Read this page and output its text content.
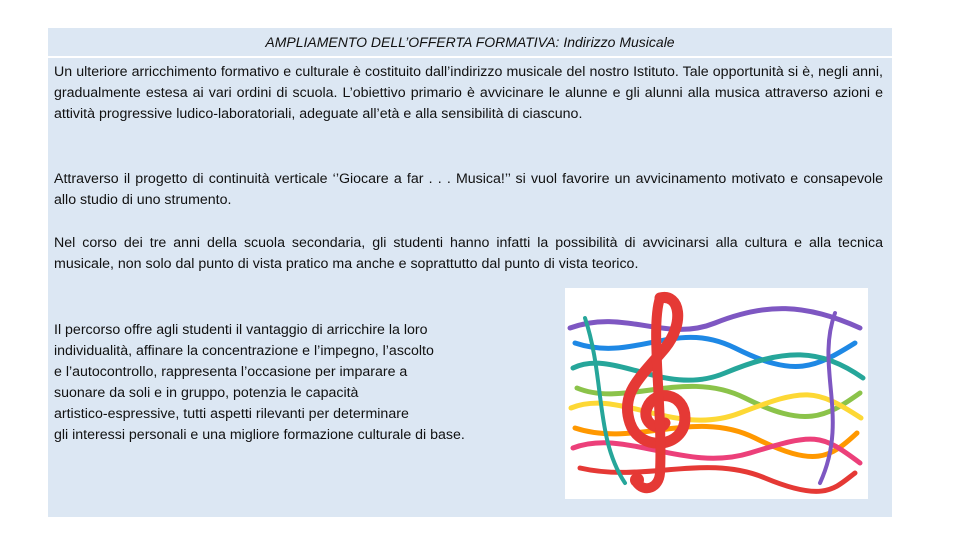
AMPLIAMENTO DELL’OFFERTA FORMATIVA: Indirizzo Musicale

Un ulteriore arricchimento formativo e culturale è costituito dall’indirizzo musicale del nostro Istituto. Tale opportunità si è, negli anni, gradualmente estesa ai vari ordini di scuola. L’obiettivo primario è avvicinare le alunne e gli alunni alla musica attraverso azioni e attività progressive ludico-laboratoriali, adeguate all’età e alla sensibilità di ciascuno.

Attraverso il progetto di continuità verticale ‘’Giocare a far . . . Musica!’’ si vuol favorire un avvicinamento motivato e consapevole allo studio di uno strumento.

Nel corso dei tre anni della scuola secondaria, gli studenti hanno infatti la possibilità di avvicinarsi alla cultura e alla tecnica musicale, non solo dal punto di vista pratico ma anche e soprattutto dal punto di vista teorico.

Il percorso offre agli studenti il vantaggio di arricchire la loro
individualità, affinare la concentrazione e l’impegno, l’ascolto
e l’autocontrollo, rappresenta l’occasione per imparare a
suonare da soli e in gruppo, potenzia le capacità
artistico-espressive, tutti aspetti rilevanti per determinare
gli interessi personali e una migliore formazione culturale di base.
